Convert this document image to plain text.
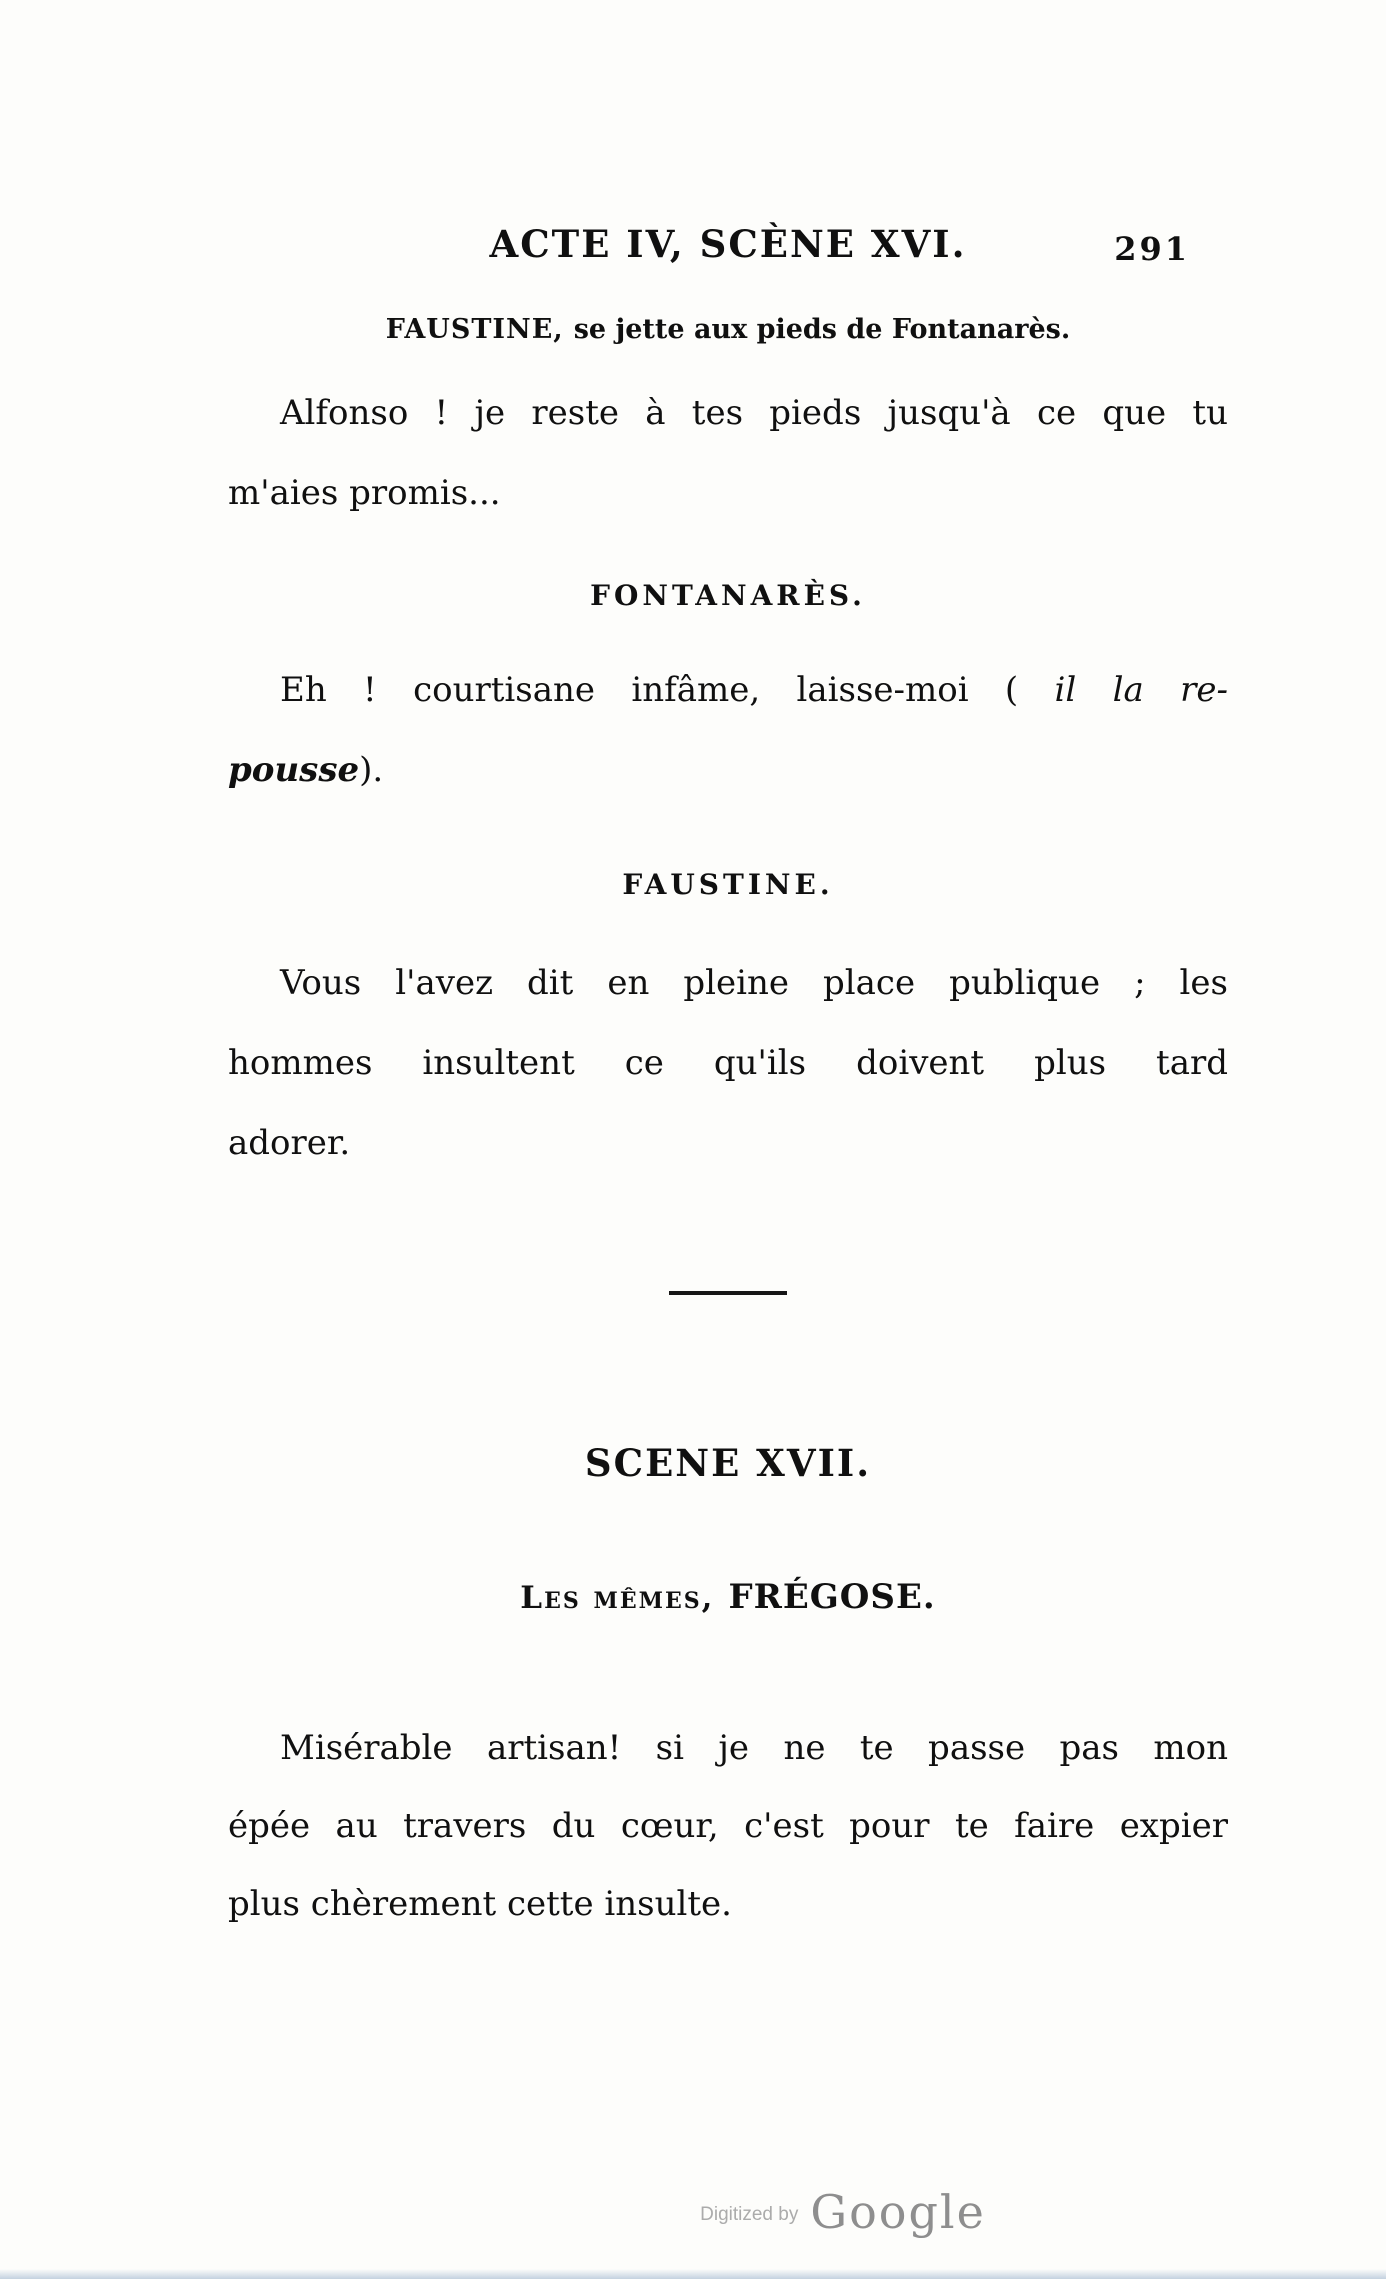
ACTE IV, SCÈNE XVI.	291
FAUSTINE, se jette aux pieds de Fontanarès.

Alfonso ! je reste à tes pieds jusqu'à ce que tu
m'aies promis...

FONTANARÈS.

Eh ! courtisane infâme, laisse-moi ( il la re-
pousse).

FAUSTINE.

Vous l'avez dit en pleine place publique ; les
hommes insultent ce qu'ils doivent plus tard
adorer.

SCENE XVII.
Les mêmes, FRÉGOSE.

Misérable artisan! si je ne te passe pas mon
épée au travers du cœur, c'est pour te faire expier
plus chèrement cette insulte.

Digitized by Google
